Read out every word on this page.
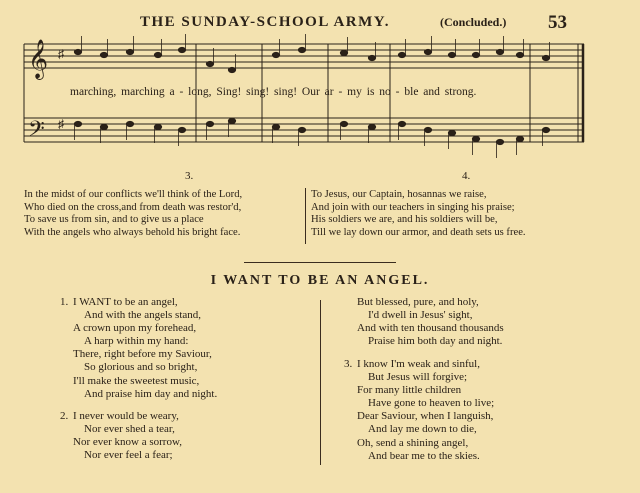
THE SUNDAY-SCHOOL ARMY.	(Concluded.) 53
𝄞
𝄢
♯
♯
marching, marching a - long, Sing! sing! sing! Our ar - my is no - ble and strong.
3.
In the midst of our conflicts we'll think of the Lord,
Who died on the cross,and from death was restor'd,
To save us from sin, and to give us a place
With the angels who always behold his bright face.
4.
To Jesus, our Captain, hosannas we raise,
And join with our teachers in singing his praise;
His soldiers we are, and his soldiers will be,
Till we lay down our armor, and death sets us free.
I WANT TO BE AN ANGEL.
1. I WANT to be an angel,
And with the angels stand,
A crown upon my forehead,
A harp within my hand:
There, right before my Saviour,
So glorious and so bright,
I'll make the sweetest music,
And praise him day and night.
2. I never would be weary,
Nor ever shed a tear,
Nor ever know a sorrow,
Nor ever feel a fear;
But blessed, pure, and holy,
I'd dwell in Jesus' sight,
And with ten thousand thousands
Praise him both day and night.
3. I know I'm weak and sinful,
But Jesus will forgive;
For many little children
Have gone to heaven to live;
Dear Saviour, when I languish,
And lay me down to die,
Oh, send a shining angel,
And bear me to the skies.
